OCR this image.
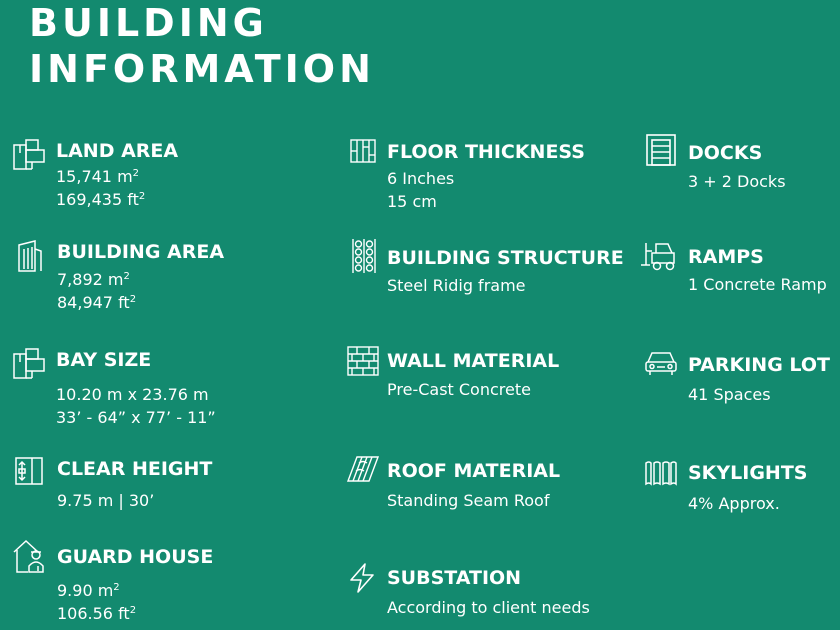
BUILDING
INFORMATION
LAND AREA
15,741 $m^2$
169,435 $ft^2$
BUILDING AREA
7,892 $m^2$
84,947 $ft^2$
BAY SIZE
10.20 m x 23.76 m
33’ - 64” x 77’ - 11”
CLEAR HEIGHT
9.75 m | 30’
GUARD HOUSE
9.90 $m^2$
106.56 $ft^2$
FLOOR THICKNESS
6 Inches
15 cm
BUILDING STRUCTURE
Steel Ridig frame
WALL MATERIAL
Pre-Cast Concrete
ROOF MATERIAL
Standing Seam Roof
SUBSTATION
According to client needs
DOCKS
3 + 2 Docks
RAMPS
1 Concrete Ramp
PARKING LOT
41 Spaces
SKYLIGHTS
4% Approx.
